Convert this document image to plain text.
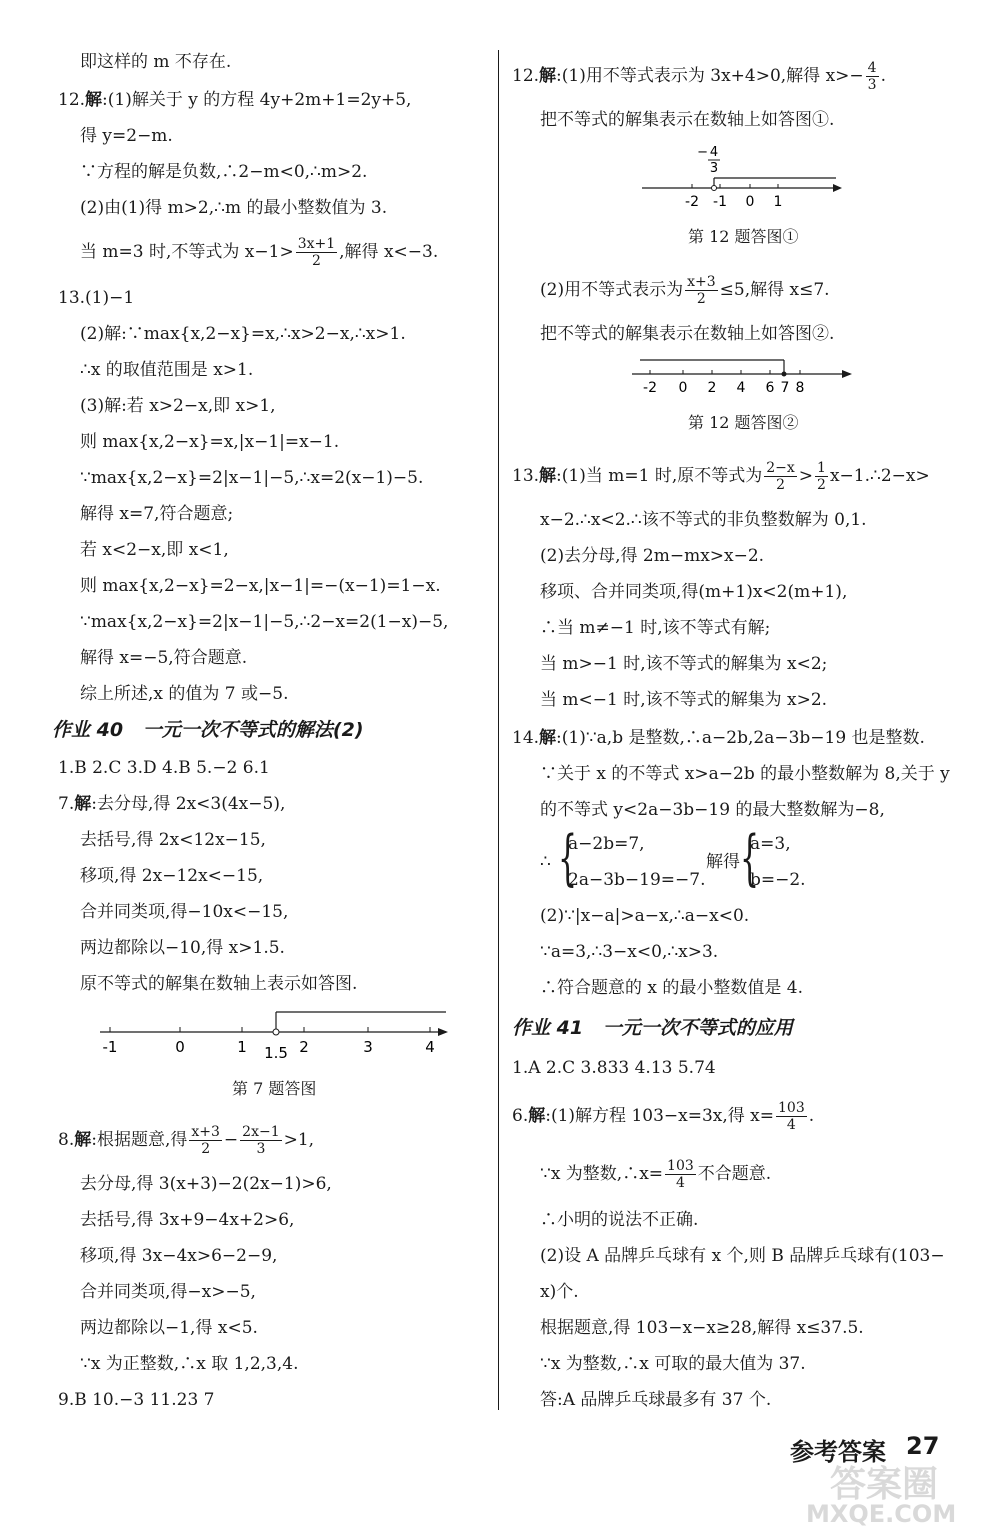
即这样的 m 不存在.
12.解:(1)解关于 y 的方程 4y+2m+1=2y+5,
得 y=2−m.
∵方程的解是负数,∴2−m<0,∴m>2.
(2)由(1)得 m>2,∴m 的最小整数值为 3.
当 m=3 时,不等式为 $x-1> \frac{3x+1}{2}$ ,解得 x<−3.
13.(1)−1
(2)解:∵max{x,2−x}=x,∴x>2−x,∴x>1.
∴x 的取值范围是 x>1.
(3)解:若 x>2−x,即 x>1,
则 max{x,2−x}=x,|x−1|=x−1.
∵max{x,2−x}=2|x−1|−5,∴x=2(x−1)−5.
解得 x=7,符合题意;
若 x<2−x,即 x<1,
则 max{x,2−x}=2−x,|x−1|=−(x−1)=1−x.
∵max{x,2−x}=2|x−1|−5,∴2−x=2(1−x)−5,
解得 x=−5,符合题意.
综上所述,x 的值为 7 或−5.
作业 40 一元一次不等式的解法(2)
1.B 2.C 3.D 4.B 5.−2 6.1
7.解:去分母,得 2x<3(4x−5),
去括号,得 2x<12x−15,
移项,得 2x−12x<−15,
合并同类项,得−10x<−15,
两边都除以−10,得 x>1.5.
原不等式的解集在数轴上表示如答图.
-1	0	1 1.5 2	3	4
第 7 题答图
8.解:根据题意,得 $\frac{x+3}{2} - \frac{2x-1}{3} >1$,
去分母,得 3(x+3)−2(2x−1)>6,
去括号,得 3x+9−4x+2>6,
移项,得 3x−4x>6−2−9,
合并同类项,得−x>−5,
两边都除以−1,得 x<5.
∵x 为正整数,∴x 取 1,2,3,4.
9.B 10.−3 11.23 7
12.解:(1)用不等式表示为 3x+4>0,解得 $x>- \frac{4}{3}$ .
把不等式的解集表示在数轴上如答图①.
− 4
3
-2 -1 0 1
第 12 题答图①
(2)用不等式表示为 $\frac{x+3}{2} \le 5$,解得 x≤7.
把不等式的解集表示在数轴上如答图②.
-2 0 2 4 6 7 8
第 12 题答图②
13.解:(1)当 m=1 时,原不等式为 $\frac{2-x}{2} > \frac{1}{2}$ x−1.∴2−x>
x−2.∴x<2.∴该不等式的非负整数解为 0,1.
(2)去分母,得 2m−mx>x−2.
移项、合并同类项,得(m+1)x<2(m+1),
∴当 m≠−1 时,该不等式有解;
当 m>−1 时,该不等式的解集为 x<2;
当 m<−1 时,该不等式的解集为 x>2.
14.解:(1)∵a,b 是整数,∴a−2b,2a−3b−19 也是整数.
∵关于 x 的不等式 x>a−2b 的最小整数解为 8,关于 y
的不等式 y<2a−3b−19 的最大整数解为−8,
∴ {
a−2b=7,
2a−3b−19=−7.
解得 {
a=3,
b=−2.
(2)∵|x−a|>a−x,∴a−x<0.
∵a=3,∴3−x<0,∴x>3.
∴符合题意的 x 的最小整数值是 4.
作业 41 一元一次不等式的应用
1.A 2.C 3.833 4.13 5.74
6.解:(1)解方程 103−x=3x,得 $x= \frac{103}{4}$ .
∵x 为整数,∴x= $\frac{103}{4}$ 不合题意.
∴小明的说法不正确.
(2)设 A 品牌乒乓球有 x 个,则 B 品牌乒乓球有(103−
x)个.
根据题意,得 103−x−x≥28,解得 x≤37.5.
∵x 为整数,∴x 可取的最大值为 37.
答:A 品牌乒乓球最多有 37 个.
参考答案 27
答案圈
MXQE.COM
